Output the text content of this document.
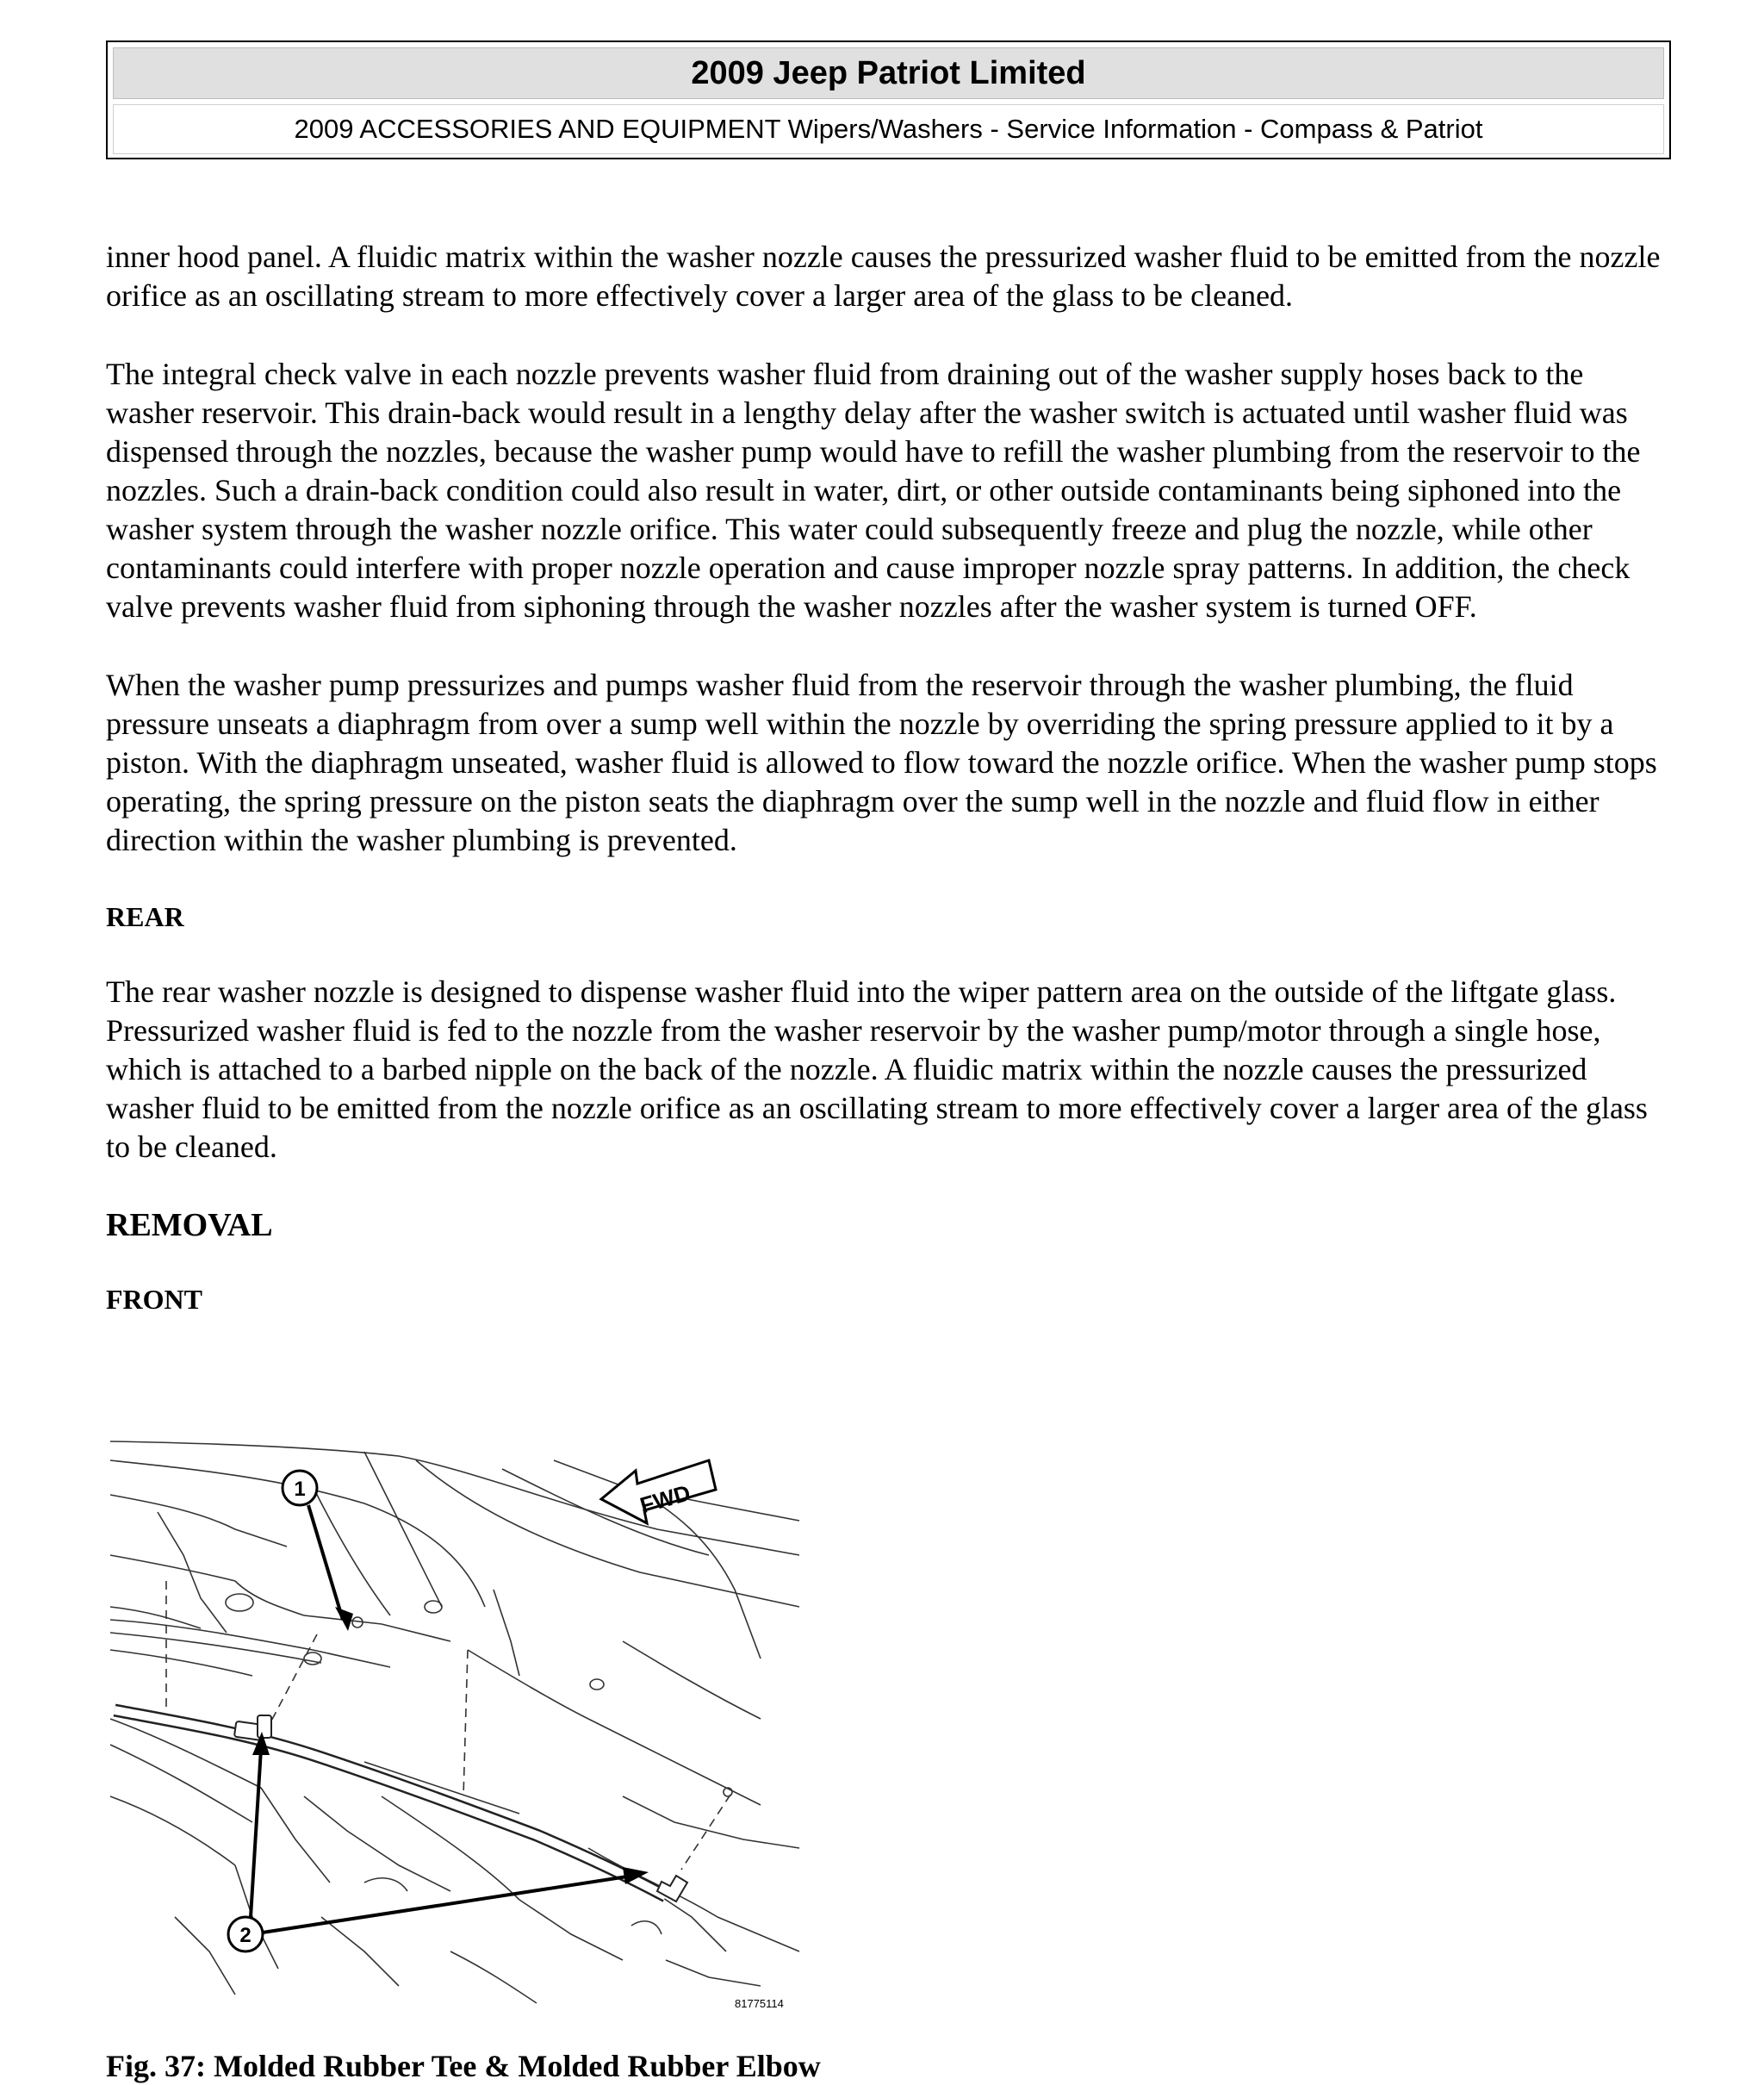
2009 Jeep Patriot Limited
2009 ACCESSORIES AND EQUIPMENT Wipers/Washers - Service Information - Compass & Patriot

inner hood panel. A fluidic matrix within the washer nozzle causes the pressurized washer fluid to be emitted from the nozzle orifice as an oscillating stream to more effectively cover a larger area of the glass to be cleaned.

The integral check valve in each nozzle prevents washer fluid from draining out of the washer supply hoses back to the washer reservoir. This drain-back would result in a lengthy delay after the washer switch is actuated until washer fluid was dispensed through the nozzles, because the washer pump would have to refill the washer plumbing from the reservoir to the nozzles. Such a drain-back condition could also result in water, dirt, or other outside contaminants being siphoned into the washer system through the washer nozzle orifice. This water could subsequently freeze and plug the nozzle, while other contaminants could interfere with proper nozzle operation and cause improper nozzle spray patterns. In addition, the check valve prevents washer fluid from siphoning through the washer nozzles after the washer system is turned OFF.

When the washer pump pressurizes and pumps washer fluid from the reservoir through the washer plumbing, the fluid pressure unseats a diaphragm from over a sump well within the nozzle by overriding the spring pressure applied to it by a piston. With the diaphragm unseated, washer fluid is allowed to flow toward the nozzle orifice. When the washer pump stops operating, the spring pressure on the piston seats the diaphragm over the sump well in the nozzle and fluid flow in either direction within the washer plumbing is prevented.

REAR

The rear washer nozzle is designed to dispense washer fluid into the wiper pattern area on the outside of the liftgate glass. Pressurized washer fluid is fed to the nozzle from the washer reservoir by the washer pump/motor through a single hose, which is attached to a barbed nipple on the back of the nozzle. A fluidic matrix within the nozzle causes the pressurized washer fluid to be emitted from the nozzle orifice as an oscillating stream to more effectively cover a larger area of the glass to be cleaned.

REMOVAL
FRONT
FWD
1
2
81775114
Fig. 37: Molded Rubber Tee & Molded Rubber Elbow
